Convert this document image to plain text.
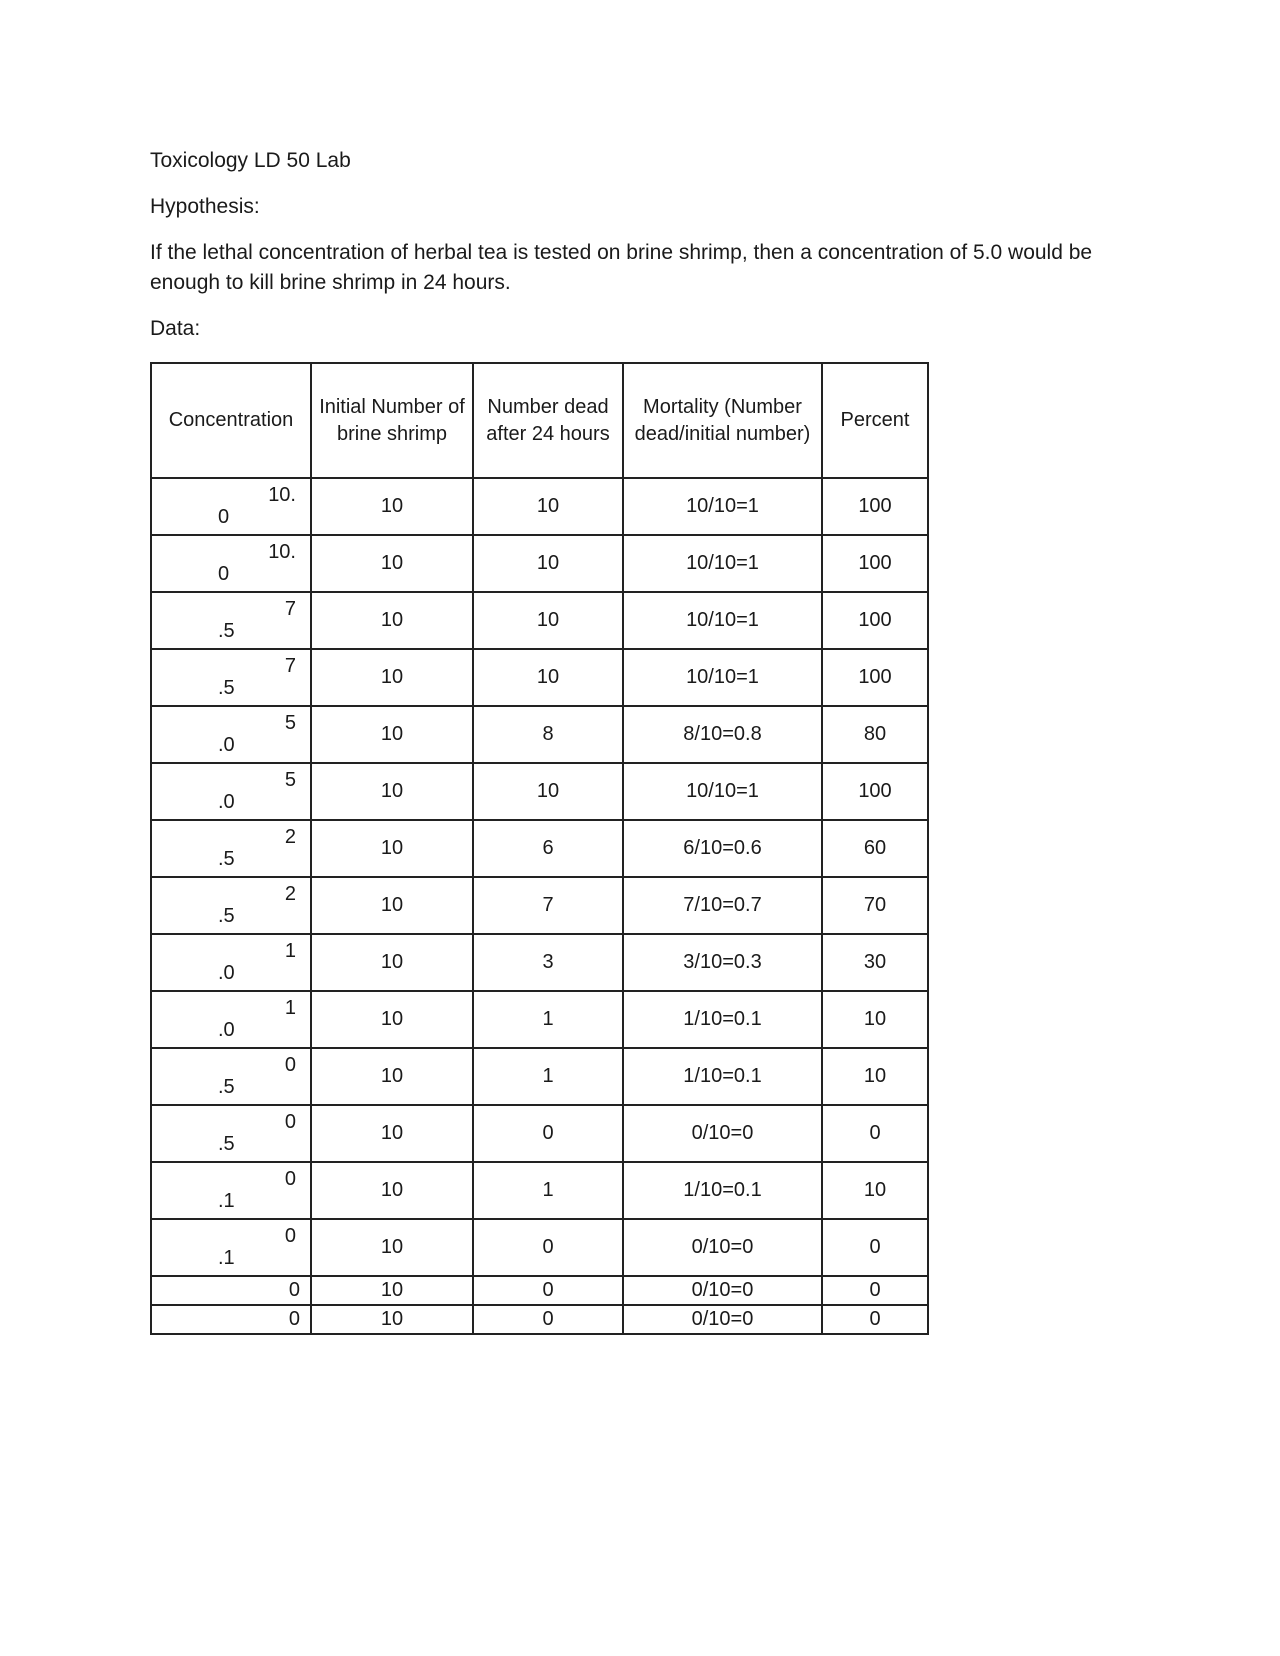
Toxicology LD 50 Lab

Hypothesis:

If the lethal concentration of herbal tea is tested on brine shrimp, then a concentration of 5.0 would be enough to kill brine shrimp in 24 hours.

Data:

Concentration	Initial Number of brine shrimp	Number dead after 24 hours	Mortality (Number dead/initial number)	Percent

10.
0	10	10	10/10=1	100

10.
0	10	10	10/10=1	100

7
.5	10	10	10/10=1	100

7
.5	10	10	10/10=1	100

5
.0	10	8	8/10=0.8	80

5
.0	10	10	10/10=1	100

2
.5	10	6	6/10=0.6	60

2
.5	10	7	7/10=0.7	70

1
.0	10	3	3/10=0.3	30

1
.0	10	1	1/10=0.1	10

0
.5	10	1	1/10=0.1	10

0
.5	10	0	0/10=0	0

0
.1	10	1	1/10=0.1	10

0
.1	10	0	0/10=0	0

0	10	0	0/10=0	0

0	10	0	0/10=0	0
